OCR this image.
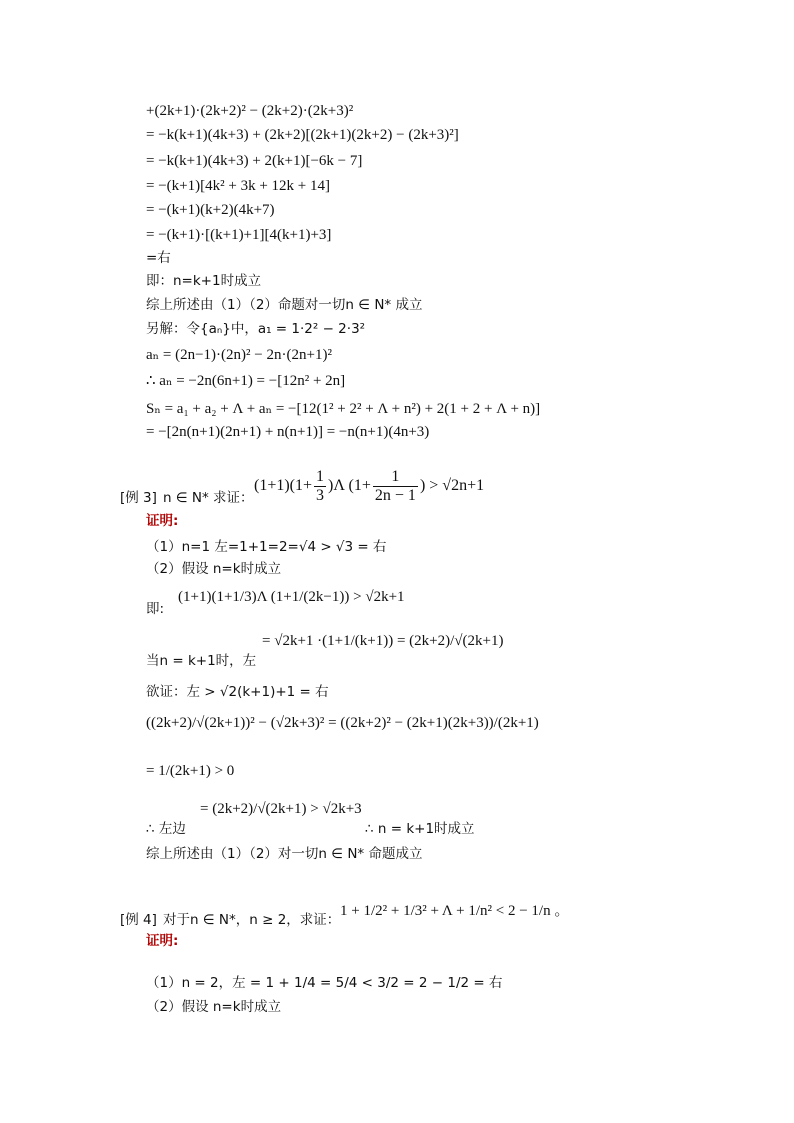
+(2k+1)·(2k+2)² − (2k+2)·(2k+3)²
= −k(k+1)(4k+3) + (2k+2)[(2k+1)(2k+2) − (2k+3)²]
= −k(k+1)(4k+3) + 2(k+1)[−6k − 7]
= −(k+1)[4k² + 3k + 12k + 14]
= −(k+1)(k+2)(4k+7)
= −(k+1)·[(k+1)+1][4(k+1)+3]
=右
即：n=k+1时成立
综上所述由（1）（2）命题对一切n ∈ N* 成立
另解：令{aₙ}中，a₁ = 1·2² − 2·3²
aₙ = (2n−1)·(2n)² − 2n·(2n+1)²
∴ aₙ = −2n(6n+1) = −[12n² + 2n]
Sₙ = a₁ + a₂ + Λ + aₙ = −[12(1² + 2² + Λ + n²) + 2(1 + 2 + Λ + n)]
= −[2n(n+1)(2n+1) + n(n+1)] = −n(n+1)(4n+3)
[例 3] n ∈ N* 求证：
$(1+1)(1+ \frac{1}{3} )\Lambda$ ($1+ \frac{1}{2n - 1}$ ) > √2n+1
证明:
（1）n=1 左=1+1=2=√4 > √3 = 右
（2）假设 n=k时成立
即:
(1+1)(1+1/3)Λ (1+1/(2k−1)) > √2k+1
当n = k+1时，左
= √2k+1 ·(1+1/(k+1)) = (2k+2)/√(2k+1)
欲证：左 > √2(k+1)+1 = 右
((2k+2)/√(2k+1))² − (√2k+3)² = ((2k+2)² − (2k+1)(2k+3))/(2k+1)
= 1/(2k+1) > 0
∴ 左边
= (2k+2)/√(2k+1) > √2k+3
∴ n = k+1时成立
综上所述由（1）（2）对一切n ∈ N* 命题成立
[例 4] 对于n ∈ N*，n ≥ 2，求证：
1 + 1/2² + 1/3² + Λ + 1/n² < 2 − 1/n 。
证明:
（1）n = 2，左 = 1 + 1/4 = 5/4 < 3/2 = 2 − 1/2 = 右
（2）假设 n=k时成立
